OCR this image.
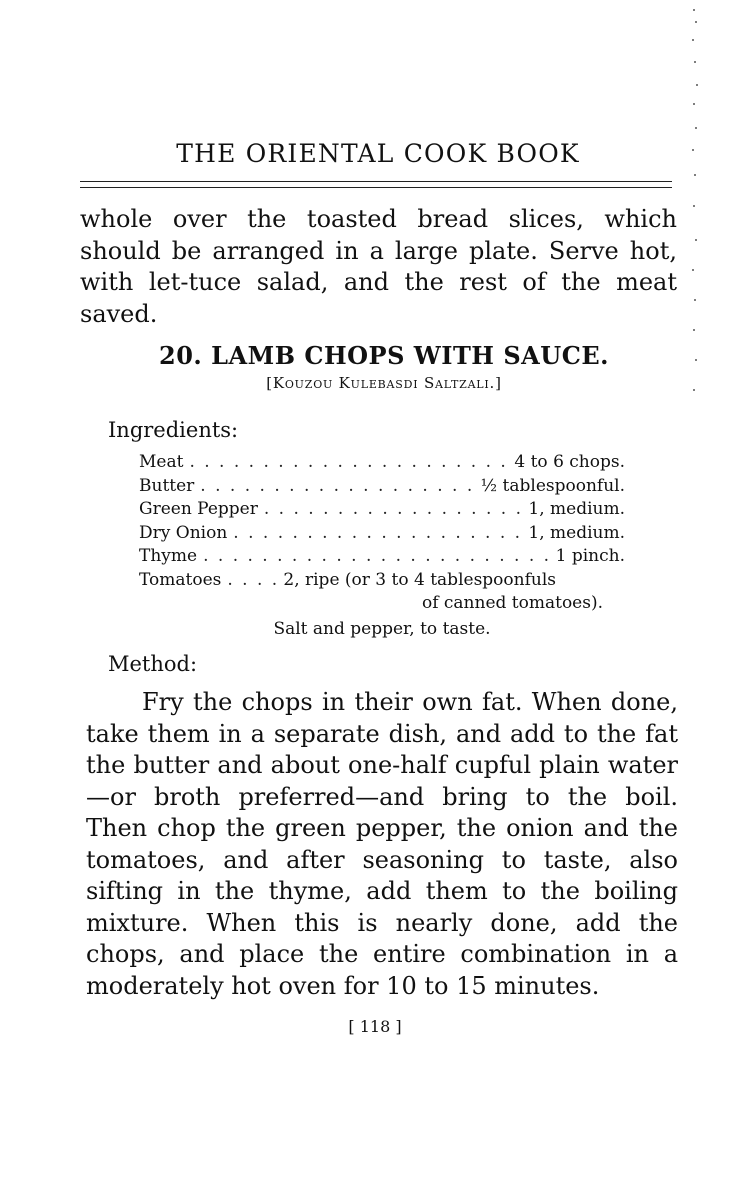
THE ORIENTAL COOK BOOK
whole over the toasted bread slices, which should be arranged in a large plate. Serve hot, with let-tuce salad, and the rest of the meat saved.
20. LAMB CHOPS WITH SAUCE.
[Kouzou Kulebasdi Saltzali.]
Ingredients:
Meat . . .	4 to 6 chops.
Butter . . .	½ tablespoonful.
Green Pepper . . .	1, medium.
Dry Onion . . .	1, medium.
Thyme . . .	1 pinch.
Tomatoes . . .	2, ripe (or 3 to 4 tablespoonfuls
of canned tomatoes).
Salt and pepper, to taste.
Method:
Fry the chops in their own fat. When done, take them in a separate dish, and add to the fat the butter and about one-half cupful plain water —or broth preferred—and bring to the boil. Then chop the green pepper, the onion and the tomatoes, and after seasoning to taste, also sifting in the thyme, add them to the boiling mixture. When this is nearly done, add the chops, and place the entire combination in a moderately hot oven for 10 to 15 minutes.
[ 118 ]
